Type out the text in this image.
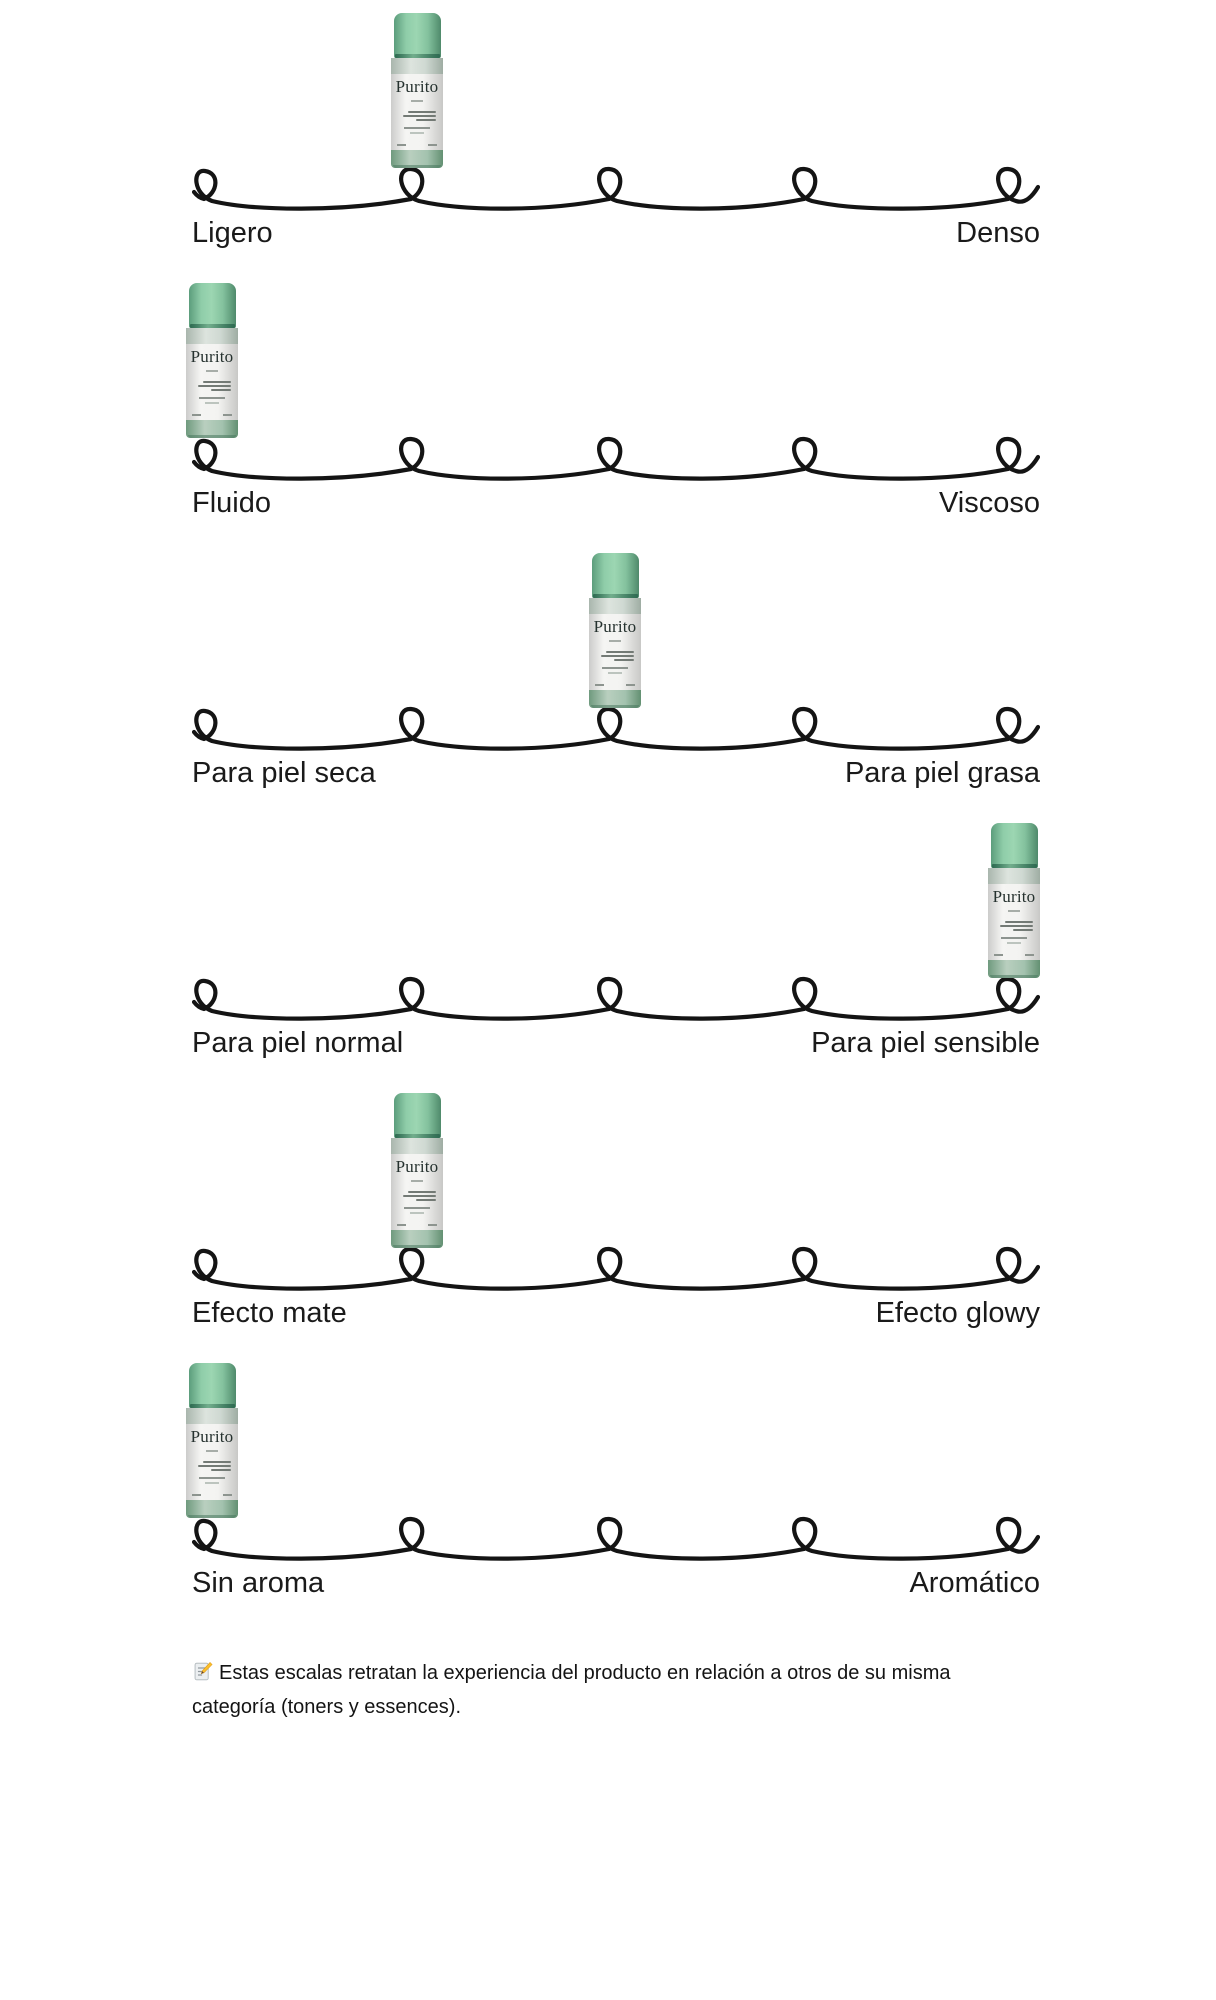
Purito
Ligero	Denso
Purito
Fluido	Viscoso
Purito
Para piel seca	Para piel grasa
Purito
Para piel normal	Para piel sensible
Purito
Efecto mate	Efecto glowy
Purito
Sin aroma	Aromático

Estas escalas retratan la experiencia del producto en relación a otros de su misma
categoría (toners y essences).
